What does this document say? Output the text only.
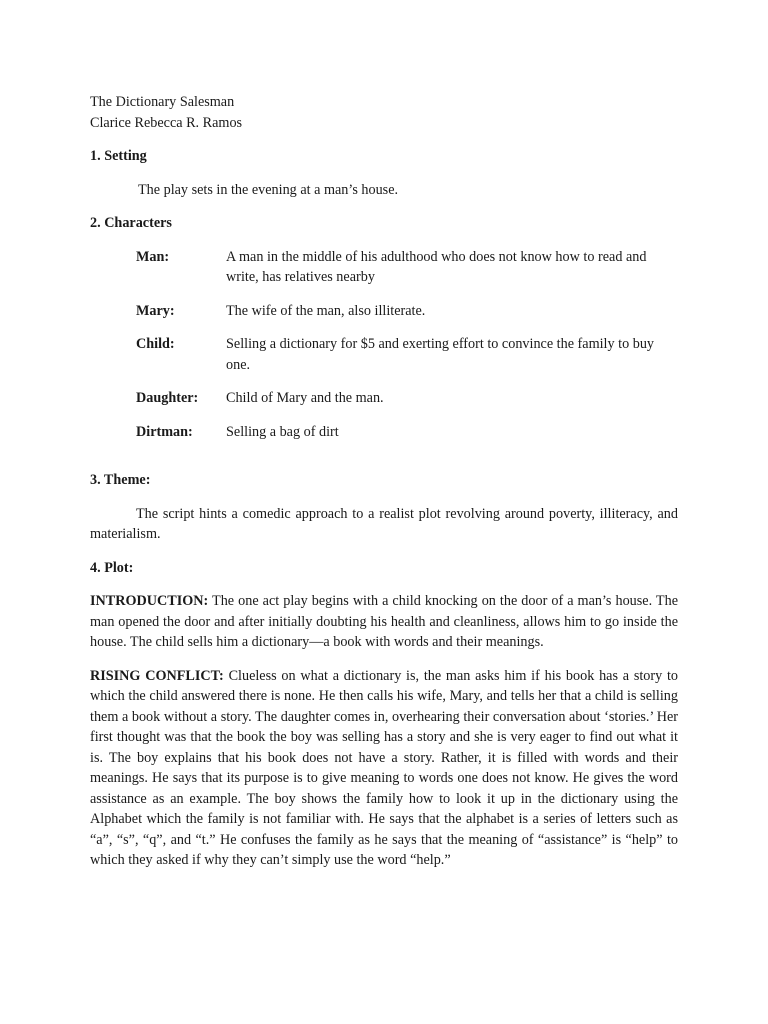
The Dictionary Salesman

Clarice Rebecca R. Ramos

1. Setting

The play sets in the evening at a man’s house.

2. Characters

Man:	A man in the middle of his adulthood who does not know how to read and write, has relatives nearby
Mary:	The wife of the man, also illiterate.
Child:	Selling a dictionary for $5 and exerting effort to convince the family to buy one.
Daughter:	Child of Mary and the man.
Dirtman:	Selling a bag of dirt

3. Theme:

The script hints a comedic approach to a realist plot revolving around poverty, illiteracy, and materialism.

4. Plot:

INTRODUCTION: The one act play begins with a child knocking on the door of a man’s house. The man opened the door and after initially doubting his health and cleanliness, allows him to go inside the house. The child sells him a dictionary—a book with words and their meanings.

RISING CONFLICT: Clueless on what a dictionary is, the man asks him if his book has a story to which the child answered there is none. He then calls his wife, Mary, and tells her that a child is selling them a book without a story. The daughter comes in, overhearing their conversation about ‘stories.’ Her first thought was that the book the boy was selling has a story and she is very eager to find out what it is. The boy explains that his book does not have a story. Rather, it is filled with words and their meanings. He says that its purpose is to give meaning to words one does not know. He gives the word assistance as an example. The boy shows the family how to look it up in the dictionary using the Alphabet which the family is not familiar with. He says that the alphabet is a series of letters such as “a”, “s”, “q”, and “t.” He confuses the family as he says that the meaning of “assistance” is “help” to which they asked if why they can’t simply use the word “help.”
